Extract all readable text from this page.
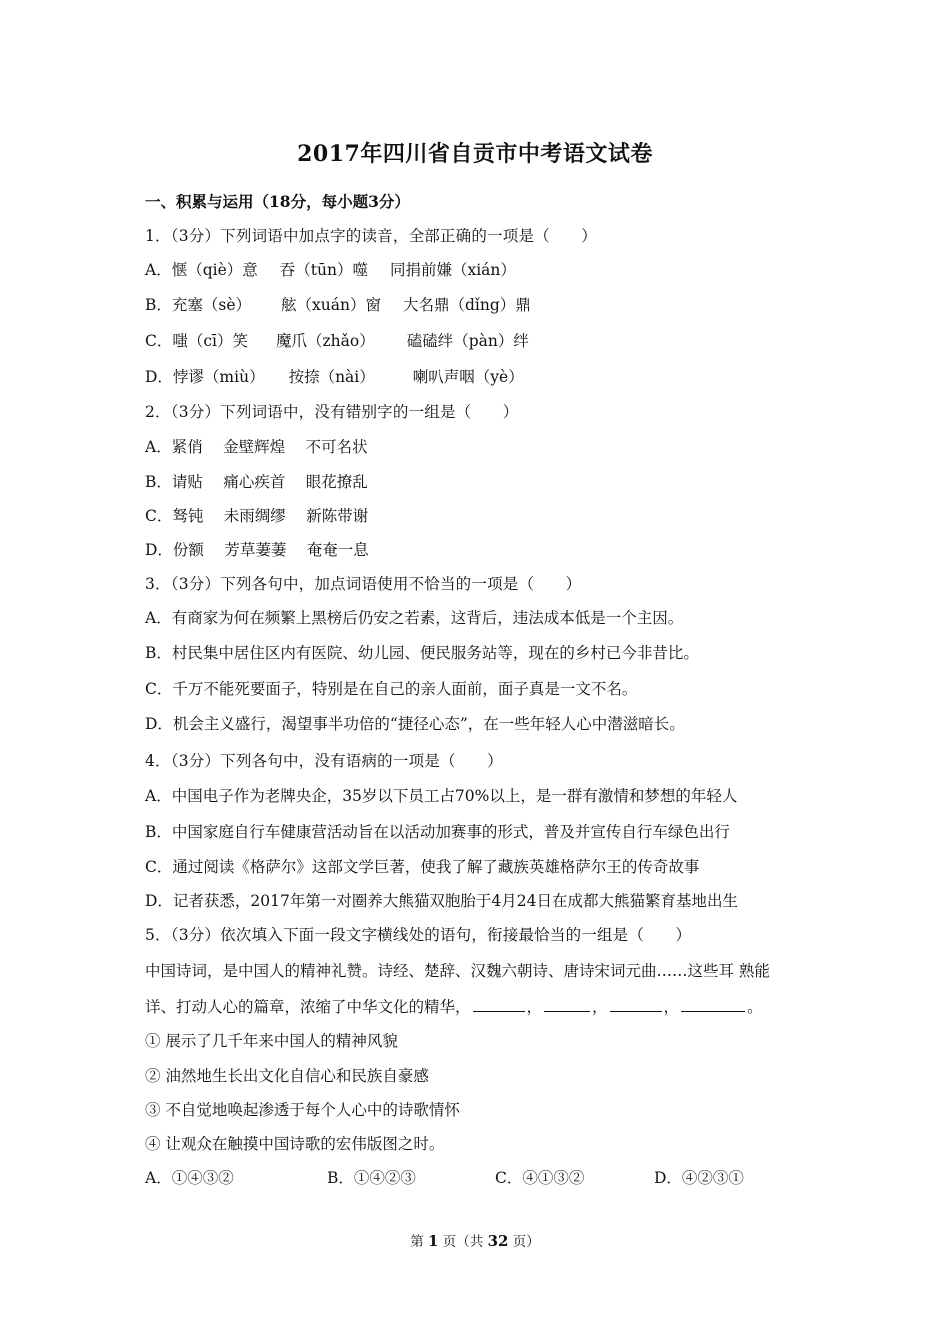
2017年四川省自贡市中考语文试卷
一、积累与运用（18分，每小题3分）
1．（3分）下列词语中加点字的读音，全部正确的一项是（　　）
A．惬（qiè）意 吞（tūn）噬 同捐前嫌（xián）
B．充塞（sè） 舷（xuán）窗 大名鼎（dǐng）鼎
C．嗤（cī）笑 魔爪（zhǎo） 磕磕绊（pàn）绊
D．悖谬（miù） 按捺（nài） 喇叭声咽（yè）
2．（3分）下列词语中，没有错别字的一组是（　　）
A．紧俏　 金壁辉煌　 不可名状
B．请贴　 痛心疾首　 眼花撩乱
C．驽钝　 未雨绸缪　 新陈带谢
D．份额　 芳草萋萋　 奄奄一息
3．（3分）下列各句中，加点词语使用不恰当的一项是（　　）
A．有商家为何在频繁上黑榜后仍安之若素，这背后，违法成本低是一个主因。
B．村民集中居住区内有医院、幼儿园、便民服务站等，现在的乡村已今非昔比。
C．千万不能死要面子，特别是在自己的亲人面前，面子真是一文不名。
D．机会主义盛行，渴望事半功倍的“捷径心态”，在一些年轻人心中潜滋暗长。
4．（3分）下列各句中，没有语病的一项是（　　）
A．中国电子作为老牌央企，35岁以下员工占70%以上，是一群有激情和梦想的年轻人
B．中国家庭自行车健康营活动旨在以活动加赛事的形式，普及并宣传自行车绿色出行
C．通过阅读《格萨尔》这部文学巨著，使我了解了藏族英雄格萨尔王的传奇故事
D．记者获悉，2017年第一对圈养大熊猫双胞胎于4月24日在成都大熊猫繁育基地出生
5．（3分）依次填入下面一段文字横线处的语句，衔接最恰当的一组是（　　）
中国诗词，是中国人的精神礼赞。诗经、楚辞、汉魏六朝诗、唐诗宋词元曲……这些耳 熟能
详、打动人心的篇章，浓缩了中华文化的精华，	，	，	，	。
① 展示了几千年来中国人的精神风貌
② 油然地生长出文化自信心和民族自豪感
③ 不自觉地唤起渗透于每个人心中的诗歌情怀
④ 让观众在触摸中国诗歌的宏伟版图之时。
A．①④③②	B．①④②③	C．④①③②	D．④②③①
第 1 页（共 32 页）
